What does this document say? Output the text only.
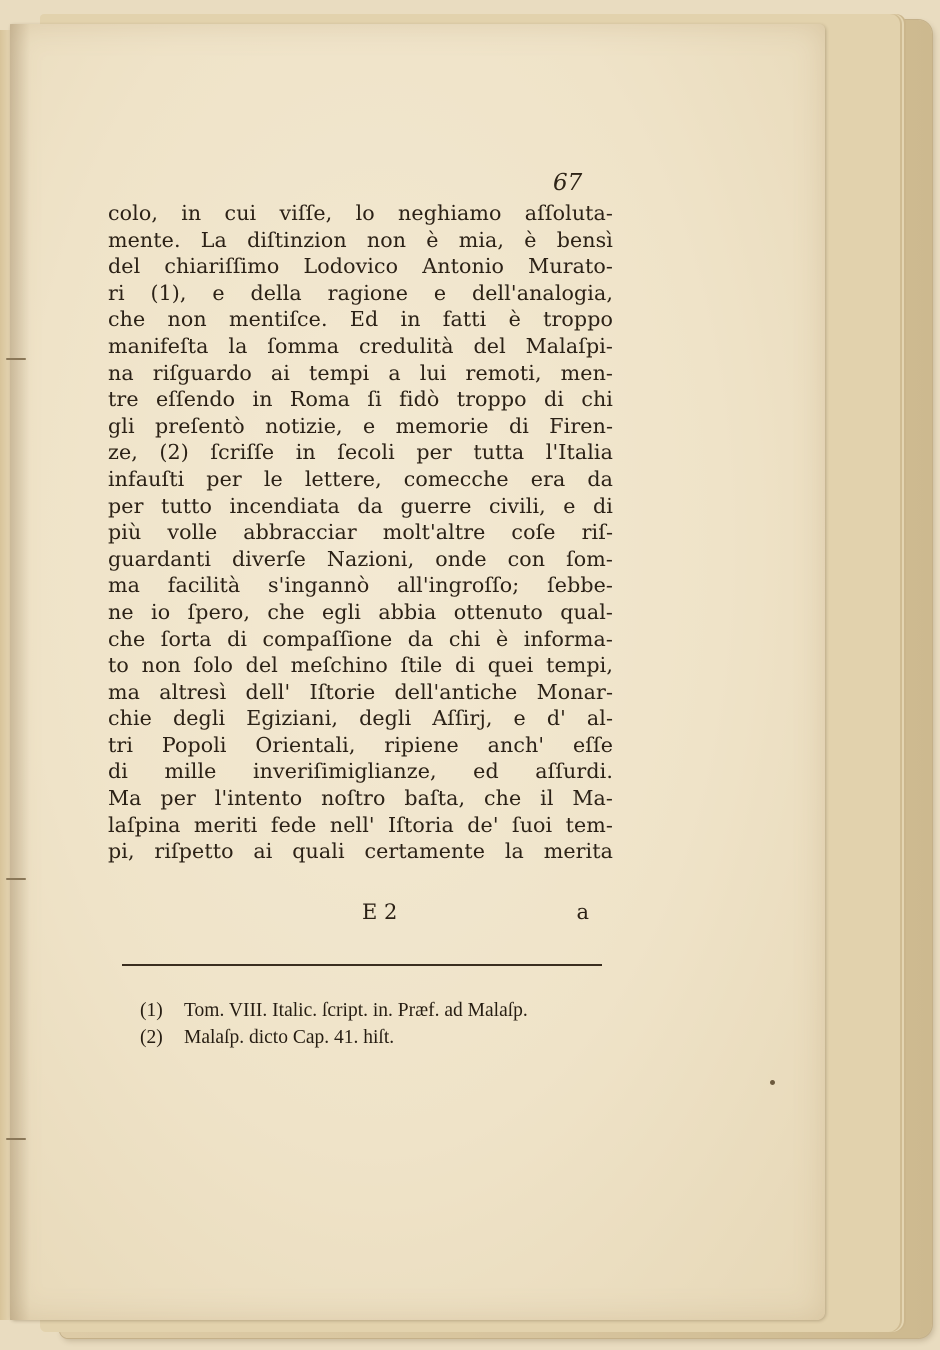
67
colo, in cui viſſe, lo neghiamo aſſoluta-
mente. La diſtinzion non è mia, è bensì
del chiariſſimo Lodovico Antonio Murato-
ri (1), e della ragione e dell'analogia,
che non mentiſce. Ed in fatti è troppo
manifeſta la ſomma credulità del Malaſpi-
na riſguardo ai tempi a lui remoti, men-
tre eſſendo in Roma ſi fidò troppo di chi
gli preſentò notizie, e memorie di Firen-
ze, (2) ſcriſſe in ſecoli per tutta l'Italia
infauſti per le lettere, comecche era da
per tutto incendiata da guerre civili, e di
più volle abbracciar molt'altre coſe riſ-
guardanti diverſe Nazioni, onde con ſom-
ma facilità s'ingannò all'ingroſſo; ſebbe-
ne io ſpero, che egli abbia ottenuto qual-
che ſorta di compaſſione da chi è informa-
to non ſolo del meſchino ſtile di quei tempi,
ma altresì dell' Iſtorie dell'antiche Monar-
chie degli Egiziani, degli Aſſirj, e d' al-
tri Popoli Orientali, ripiene anch' eſſe
di mille inveriſimiglianze, ed aſſurdi.
Ma per l'intento noſtro baſta, che il Ma-
laſpina meriti fede nell' Iſtoria de' ſuoi tem-
pi, riſpetto ai quali certamente la merita
E 2	a
(1) Tom. VIII. Italic. ſcript. in. Præf. ad Malaſp.
(2) Malaſp. dicto Cap. 41. hiſt.
